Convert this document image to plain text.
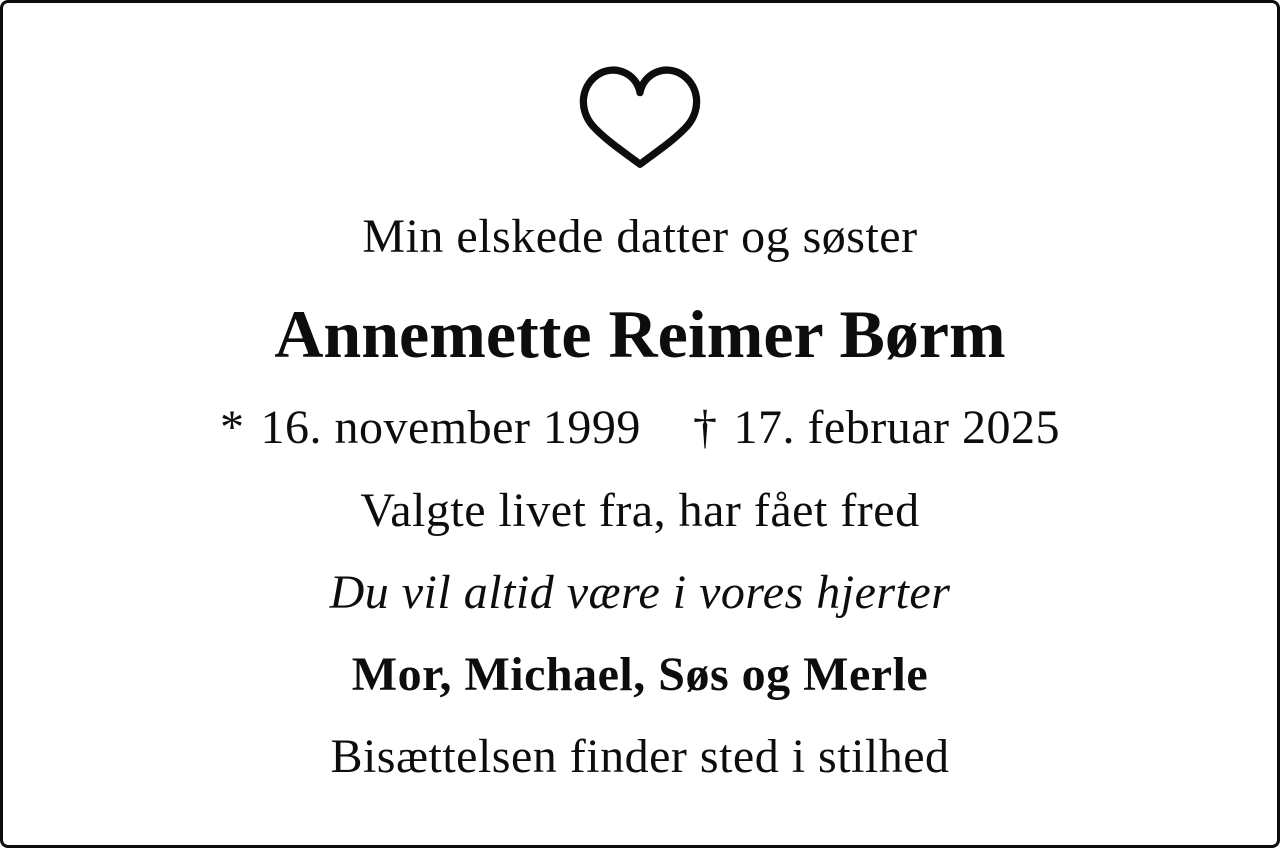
Min elskede datter og søster
Annemette Reimer Børm
* 16. november 1999 † 17. februar 2025
Valgte livet fra, har fået fred
Du vil altid være i vores hjerter
Mor, Michael, Søs og Merle
Bisættelsen finder sted i stilhed
